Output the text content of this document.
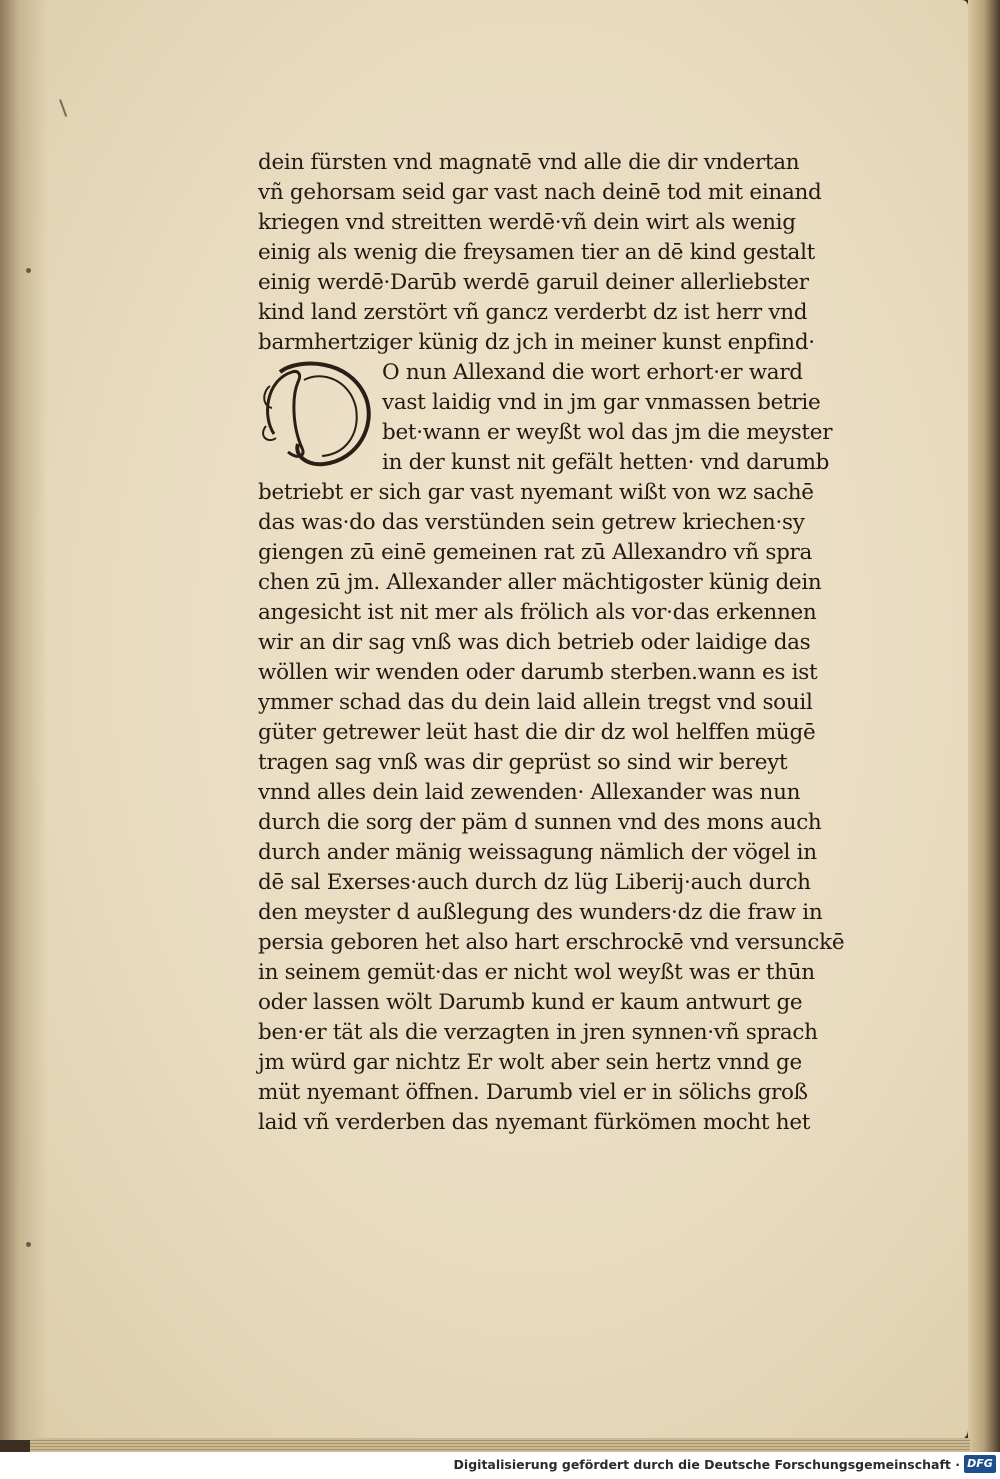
dein fürsten vnd magnatē vnd alle die dir vndertan
vñ gehorsam seid gar vast nach deinē tod mit einand
kriegen vnd streitten werdē·vñ dein wirt als wenig
einig als wenig die freysamen tier an dē kind gestalt
einig werdē·Darūb werdē garuil deiner allerliebster
kind land zerstört vñ gancz verderbt dz ist herr vnd
barmhertziger künig dz jch in meiner kunst enpfind·
O nun Allexand die wort erhort·er ward
vast laidig vnd in jm gar vnmassen betrie
bet·wann er weyßt wol das jm die meyster
in der kunst nit gefält hetten· vnd darumb
betriebt er sich gar vast nyemant wißt von wz sachē
das was·do das verstünden sein getrew kriechen·sy
giengen zū einē gemeinen rat zū Allexandro vñ spra
chen zū jm. Allexander aller mächtigoster künig dein
angesicht ist nit mer als frölich als vor·das erkennen
wir an dir sag vnß was dich betrieb oder laidige das
wöllen wir wenden oder darumb sterben.wann es ist
ymmer schad das du dein laid allein tregst vnd souil
güter getrewer leüt hast die dir dz wol helffen mügē
tragen sag vnß was dir geprüst so sind wir bereyt
vnnd alles dein laid zewenden· Allexander was nun
durch die sorg der päm d sunnen vnd des mons auch
durch ander mänig weissagung nämlich der vögel in
dē sal Exerses·auch durch dz lüg Liberij·auch durch
den meyster d außlegung des wunders·dz die fraw in
persia geboren het also hart erschrockē vnd versunckē
in seinem gemüt·das er nicht wol weyßt was er thūn
oder lassen wölt Darumb kund er kaum antwurt ge
ben·er tät als die verzagten in jren synnen·vñ sprach
jm würd gar nichtz Er wolt aber sein hertz vnnd ge
müt nyemant öffnen. Darumb viel er in sölichs groß
laid vñ verderben das nyemant fürkömen mocht het
Digitalisierung gefördert durch die Deutsche Forschungsgemeinschaft · DFG
